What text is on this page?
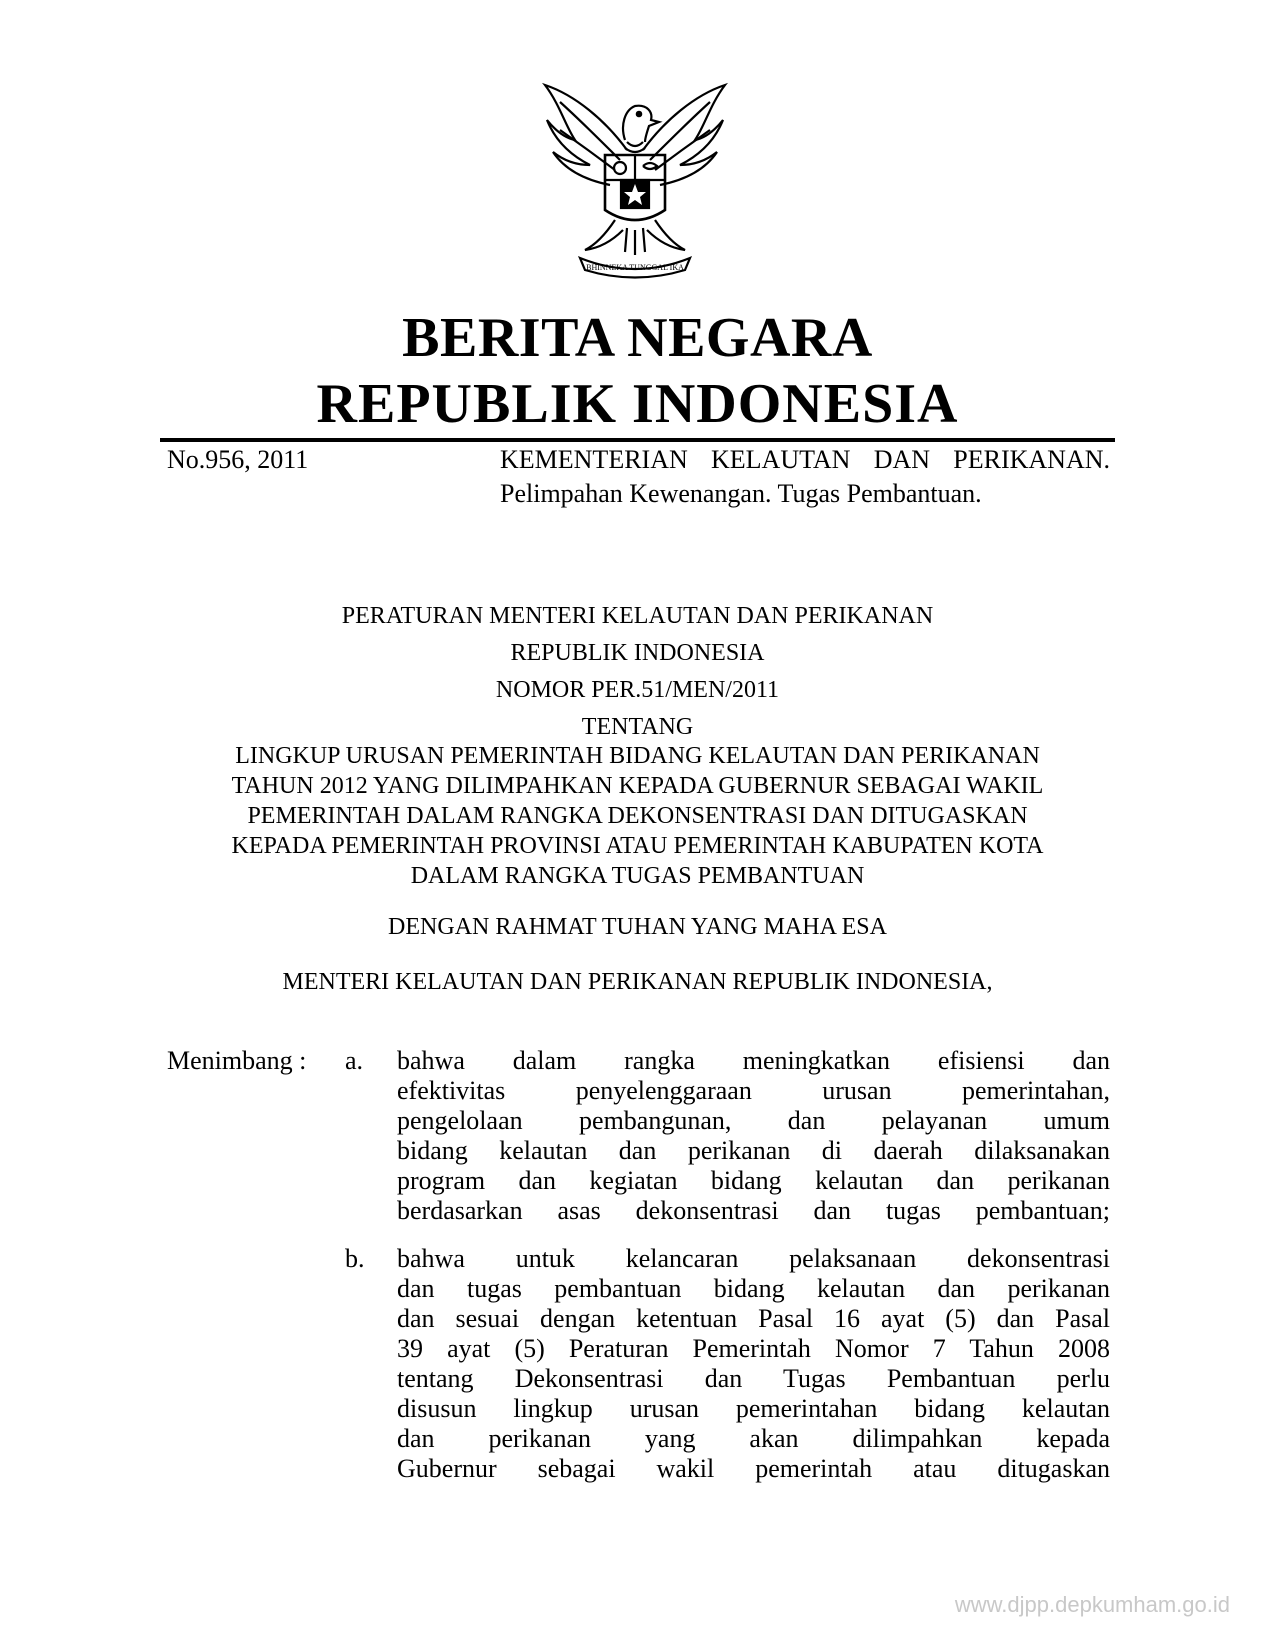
BHINNEKA TUNGGAL IKA
BERITA NEGARA
REPUBLIK INDONESIA
No.956, 2011	KEMENTERIAN KELAUTAN DAN PERIKANAN. Pelimpahan Kewenangan. Tugas Pembantuan.
PERATURAN MENTERI KELAUTAN DAN PERIKANAN
REPUBLIK INDONESIA
NOMOR PER.51/MEN/2011
TENTANG
LINGKUP URUSAN PEMERINTAH BIDANG KELAUTAN DAN PERIKANAN
TAHUN 2012 YANG DILIMPAHKAN KEPADA GUBERNUR SEBAGAI WAKIL
PEMERINTAH DALAM RANGKA DEKONSENTRASI DAN DITUGASKAN
KEPADA PEMERINTAH PROVINSI ATAU PEMERINTAH KABUPATEN KOTA
DALAM RANGKA TUGAS PEMBANTUAN
DENGAN RAHMAT TUHAN YANG MAHA ESA
MENTERI KELAUTAN DAN PERIKANAN REPUBLIK INDONESIA,
Menimbang : a. bahwa dalam rangka meningkatkan efisiensi dan
efektivitas penyelenggaraan urusan pemerintahan,
pengelolaan pembangunan, dan pelayanan umum
bidang kelautan dan perikanan di daerah dilaksanakan
program dan kegiatan bidang kelautan dan perikanan
berdasarkan asas dekonsentrasi dan tugas pembantuan;
b. bahwa untuk kelancaran pelaksanaan dekonsentrasi
dan tugas pembantuan bidang kelautan dan perikanan
dan sesuai dengan ketentuan Pasal 16 ayat (5) dan Pasal
39 ayat (5) Peraturan Pemerintah Nomor 7 Tahun 2008
tentang Dekonsentrasi dan Tugas Pembantuan perlu
disusun lingkup urusan pemerintahan bidang kelautan
dan perikanan yang akan dilimpahkan kepada
Gubernur sebagai wakil pemerintah atau ditugaskan
www.djpp.depkumham.go.id
